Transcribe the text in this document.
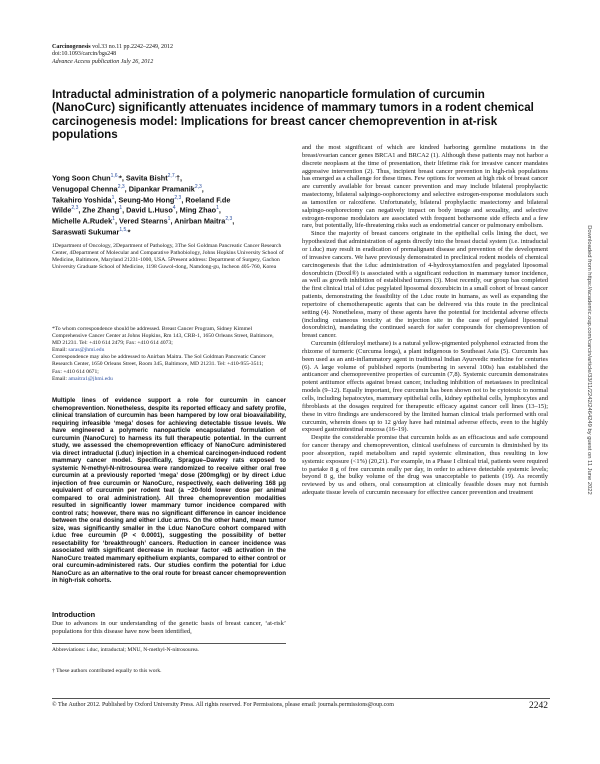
Carcinogenesis vol.33 no.11 pp.2242–2249, 2012
doi:10.1093/carcin/bgs248
Advance Access publication July 26, 2012
Intraductal administration of a polymeric nanoparticle formulation of curcumin (NanoCurc) significantly attenuates incidence of mammary tumors in a rodent chemical carcinogenesis model: Implications for breast cancer chemoprevention in at-risk populations
Yong Soon Chun$^{1,6,}$*, Savita Bisht$^{2,7,}$†,
Venugopal Chenna$^{2,3}$, Dipankar Pramanik$^{2,3}$,
Takahiro Yoshida$^1$, Seung-Mo Hong$^{2,3}$, Roeland F.de
Wilde$^{2,3}$, Zhe Zhang$^1$, David L.Huso$^4$, Ming Zhao$^1$,
Michelle A.Rudek$^1$, Vered Stearns$^1$, Anirban Maitra$^{2,3}$,
Saraswati Sukumar$^{1,5,}$*
1Department of Oncology, 2Department of Pathology, 3The Sol Goldman Pancreatic Cancer Research Center, 4Department of Molecular and Comparative Pathobiology, Johns Hopkins University School of Medicine, Baltimore, Maryland 21231-1000, USA. 5Present address: Department of Surgery, Gachon University Graduate School of Medicine, 1198 Guwol-dong, Namdong-gu, Incheon 405-760, Korea
*To whom correspondence should be addressed. Breast Cancer Program, Sidney Kimmel Comprehensive Cancer Center at Johns Hopkins, Rm 143, CRB-1, 1650 Orleans Street, Baltimore, MD 21231. Tel: +410 614 2479; Fax: +410 614 4073;
Email: saras@jhmi.edu
Correspondence may also be addressed to Anirban Maitra. The Sol Goldman Pancreatic Cancer Research Center, 1650 Orleans Street, Room 345, Baltimore, MD 21231. Tel: +410-955-3511;
Fax: +410 614 0671;
Email: amaitra1@jhmi.edu
Multiple lines of evidence support a role for curcumin in cancer chemoprevention. Nonetheless, despite its reported efficacy and safety profile, clinical translation of curcumin has been hampered by low oral bioavailability, requiring infeasible ‘mega’ doses for achieving detectable tissue levels. We have engineered a polymeric nanoparticle encapsulated formulation of curcumin (NanoCurc) to harness its full therapeutic potential. In the current study, we assessed the chemoprevention efficacy of NanoCurc administered via direct intraductal (i.duc) injection in a chemical carcinogen-induced rodent mammary cancer model. Specifically, Sprague–Dawley rats exposed to systemic N-methyl-N-nitrosourea were randomized to receive either oral free curcumin at a previously reported ‘mega’ dose (200mg/kg) or by direct i.duc injection of free curcumin or NanoCurc, respectively, each delivering 168 μg equivalent of curcumin per rodent teat (a ~20-fold lower dose per animal compared to oral administration). All three chemoprevention modalities resulted in significantly lower mammary tumor incidence compared with control rats; however, there was no significant difference in cancer incidence between the oral dosing and either i.duc arms. On the other hand, mean tumor size, was significantly smaller in the i.duc NanoCurc cohort compared with i.duc free curcumin (P < 0.0001), suggesting the possibility of better resectability for ‘breakthrough’ cancers. Reduction in cancer incidence was associated with significant decrease in nuclear factor -κB activation in the NanoCurc treated mammary epithelium explants, compared to either control or oral curcumin-administered rats. Our studies confirm the potential for i.duc NanoCurc as an alternative to the oral route for breast cancer chemoprevention in high-risk cohorts.
Introduction
Due to advances in our understanding of the genetic basis of breast cancer, ‘at-risk’ populations for this disease have now been identified,
Abbreviations: i.duc, intraductal; MNU, N-methyl-N-nitrosourea.
† These authors contributed equally to this work.

and the most significant of which are kindred harboring germline mutations in the breast/ovarian cancer genes BRCA1 and BRCA2 (1). Although these patients may not harbor a discrete neoplasm at the time of presentation, their lifetime risk for invasive cancer mandates aggressive intervention (2). Thus, incipient breast cancer prevention in high-risk populations has emerged as a challenge for these times. Few options for women at high risk of breast cancer are currently available for breast cancer prevention and may include bilateral prophylactic mastectomy, bilateral salpingo-oophorectomy and selective estrogen-response modulators such as tamoxifen or raloxifene. Unfortunately, bilateral prophylactic mastectomy and bilateral salpingo-oophorectomy can negatively impact on body image and sexuality, and selective estrogen-response modulators are associated with frequent bothersome side effects and a few rare, but potentially, life-threatening risks such as endometrial cancer or pulmonary embolism.

Since the majority of breast cancers originate in the epithelial cells lining the duct, we hypothesized that administration of agents directly into the breast ductal system (i.e. intraductal or i.duc) may result in eradication of premalignant disease and prevention of the development of invasive cancers. We have previously demonstrated in preclinical rodent models of chemical carcinogenesis that the i.duc administration of 4-hydroxytamoxifen and pegylated liposomal doxorubicin (Doxil®) is associated with a significant reduction in mammary tumor incidence, as well as growth inhibition of established tumors (3). Most recently, our group has completed the first clinical trial of i.duc pegylated liposomal doxorubicin in a small cohort of breast cancer patients, demonstrating the feasibility of the i.duc route in humans, as well as expanding the repertoire of chemotherapeutic agents that can be delivered via this route in the preclinical setting (4). Nonetheless, many of these agents have the potential for incidental adverse effects (including cutaneous toxicity at the injection site in the case of pegylated liposomal doxorubicin), mandating the continued search for safer compounds for chemoprevention of breast cancer.

Curcumin (diferuloyl methane) is a natural yellow-pigmented polyphenol extracted from the rhizome of turmeric (Curcuma longa), a plant indigenous to Southeast Asia (5). Curcumin has been used as an anti-inflammatory agent in traditional Indian Ayurvedic medicine for centuries (6). A large volume of published reports (numbering in several 100s) has established the anticancer and chemopreventive properties of curcumin (7,8). Systemic curcumin demonstrates potent antitumor effects against breast cancer, including inhibition of metastases in preclinical models (9–12). Equally important, free curcumin has been shown not to be cytotoxic to normal cells, including hepatocytes, mammary epithelial cells, kidney epithelial cells, lymphocytes and fibroblasts at the dosages required for therapeutic efficacy against cancer cell lines (13–15); these in vitro findings are underscored by the limited human clinical trials performed with oral curcumin, wherein doses up to 12 g/day have had minimal adverse effects, even to the highly exposed gastrointestinal mucosa (16–19).

Despite the considerable promise that curcumin holds as an efficacious and safe compound for cancer therapy and chemoprevention, clinical usefulness of curcumin is diminished by its poor absorption, rapid metabolism and rapid systemic elimination, thus resulting in low systemic exposure (<1%) (20,21). For example, in a Phase I clinical trial, patients were required to partake 8 g of free curcumin orally per day, in order to achieve detectable systemic levels; beyond 8 g, the bulky volume of the drug was unacceptable to patients (19). As recently reviewed by us and others, oral consumption at clinically feasible doses may not furnish adequate tissue levels of curcumin necessary for effective cancer prevention and treatment

© The Author 2012. Published by Oxford University Press. All rights reserved. For Permissions, please email: journals.permissions@oup.com	2242
Downloaded from https://academic.oup.com/carcin/article/33/11/2242/2464249 by guest on 11 June 2022
